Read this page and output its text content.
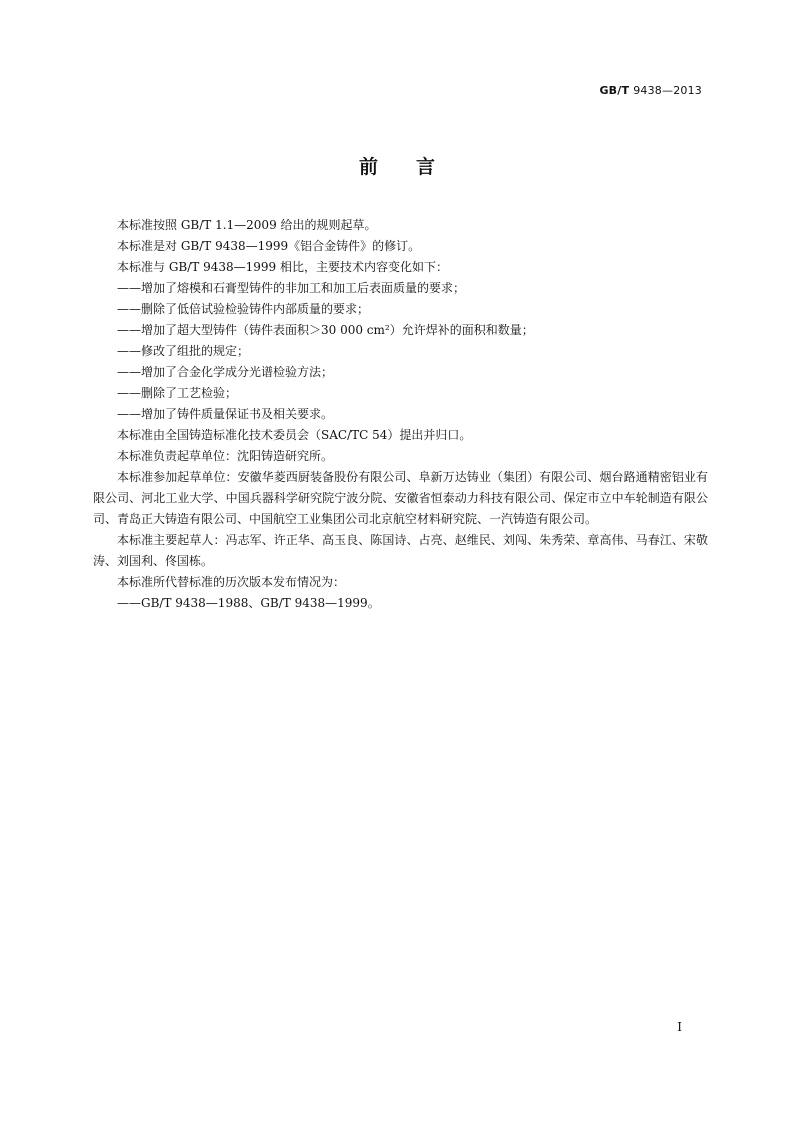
GB/T 9438—2013
前言

本标准按照 GB/T 1.1—2009 给出的规则起草。

本标准是对 GB/T 9438—1999《铝合金铸件》的修订。

本标准与 GB/T 9438—1999 相比，主要技术内容变化如下：

——增加了熔模和石膏型铸件的非加工和加工后表面质量的要求；

——删除了低倍试验检验铸件内部质量的要求；

——增加了超大型铸件（铸件表面积＞30 000 cm²）允许焊补的面积和数量；

——修改了组批的规定；

——增加了合金化学成分光谱检验方法；

——删除了工艺检验；

——增加了铸件质量保证书及相关要求。

本标准由全国铸造标准化技术委员会（SAC/TC 54）提出并归口。

本标准负责起草单位：沈阳铸造研究所。

本标准参加起草单位：安徽华菱西厨装备股份有限公司、阜新万达铸业（集团）有限公司、烟台路通精密铝业有限公司、河北工业大学、中国兵器科学研究院宁波分院、安徽省恒泰动力科技有限公司、保定市立中车轮制造有限公司、青岛正大铸造有限公司、中国航空工业集团公司北京航空材料研究院、一汽铸造有限公司。

本标准主要起草人：冯志军、许正华、高玉良、陈国诗、占亮、赵维民、刘闯、朱秀荣、章高伟、马春江、宋敬涛、刘国利、佟国栋。

本标准所代替标准的历次版本发布情况为：

——GB/T 9438—1988、GB/T 9438—1999。

I
